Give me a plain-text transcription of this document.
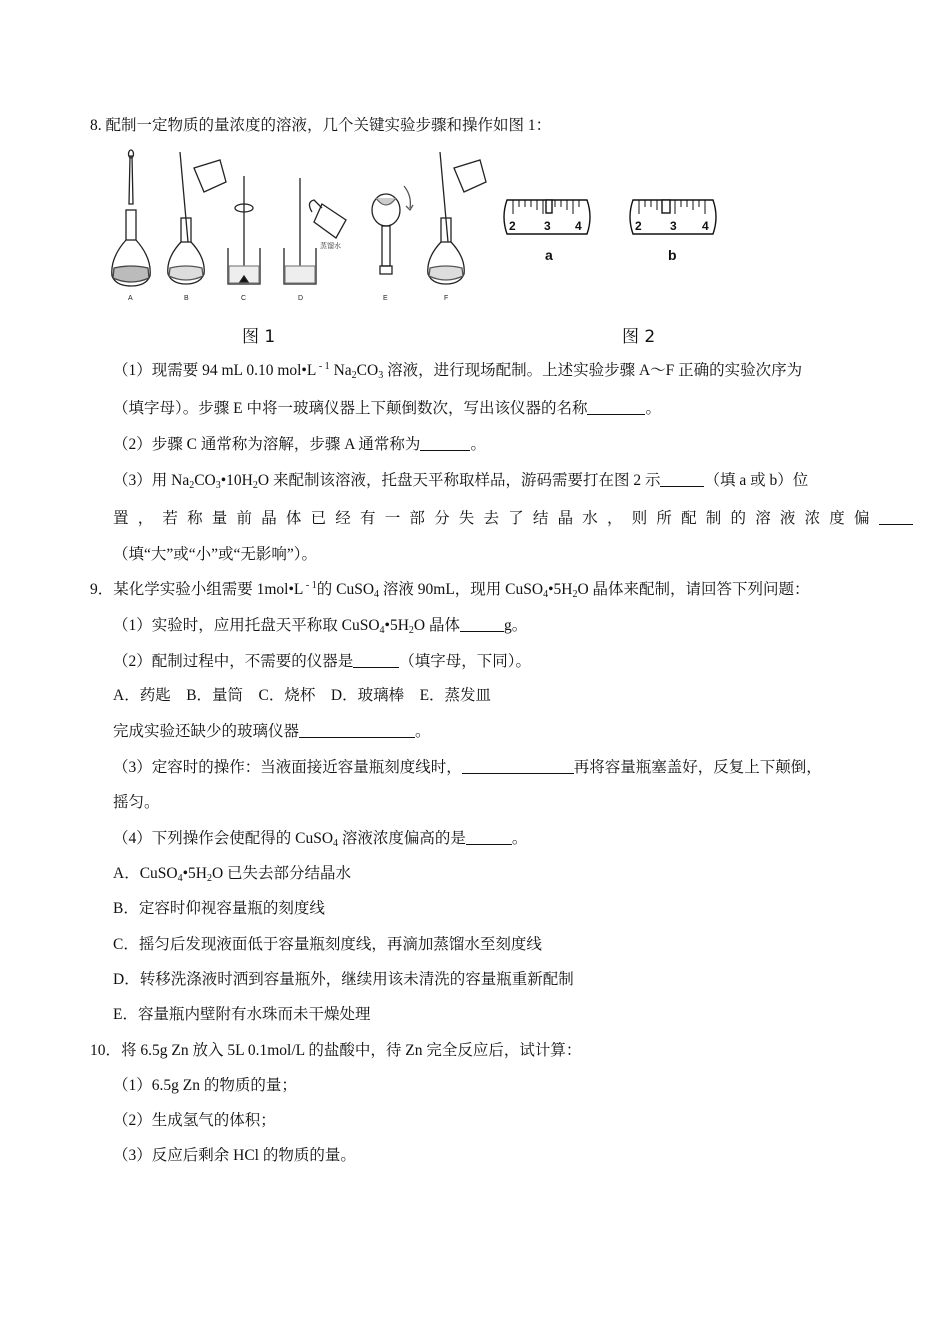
8. 配制一定物质的量浓度的溶液，几个关键实验步骤和操作如图 1：
蒸馏水
A	B	C	D	E	F
2 3 4	2 3 4
a	b
图 1	图 2
（1）现需要 94 mL 0.10 mol•L $^{- 1}$ $Na_2CO_3$ 溶液，进行现场配制。上述实验步骤 A～F 正确的实验次序为
（填字母）。步骤 E 中将一玻璃仪器上下颠倒数次，写出该仪器的名称	。
（2）步骤 C 通常称为溶解，步骤 A 通常称为	。
（3）用 $Na_2CO_3•10H_2O$ 来配制该溶液，托盘天平称取样品，游码需要打在图 2 示	（填 a 或 b）位
置，若称量前晶体已经有一部分失去了结晶水，则所配制的溶液浓度偏
（填“大”或“小”或“无影响”）。
9．某化学实验小组需要 1mol•L $^{- 1}$的 CuSO$_4$ 溶液 90mL，现用 $CuSO_4•5H_2O$ 晶体来配制，请回答下列问题：
（1）实验时，应用托盘天平称取 $CuSO_4•5H_2O$ 晶体	g。
（2）配制过程中，不需要的仪器是	（填字母，下同）。
A．药匙    B．量筒    C．烧杯    D．玻璃棒    E．蒸发皿
完成实验还缺少的玻璃仪器	。
（3）定容时的操作：当液面接近容量瓶刻度线时，	再将容量瓶塞盖好，反复上下颠倒，
摇匀。
（4）下列操作会使配得的 CuSO$_4$ 溶液浓度偏高的是	。
A．$CuSO_4•5H_2O$ 已失去部分结晶水
B．定容时仰视容量瓶的刻度线
C．摇匀后发现液面低于容量瓶刻度线，再滴加蒸馏水至刻度线
D．转移洗涤液时洒到容量瓶外，继续用该未清洗的容量瓶重新配制
E．容量瓶内壁附有水珠而未干燥处理
10．将 6.5g Zn 放入 5L 0.1mol/L 的盐酸中，待 Zn 完全反应后，试计算：
（1）6.5g Zn 的物质的量；
（2）生成氢气的体积；
（3）反应后剩余 HCl 的物质的量。
